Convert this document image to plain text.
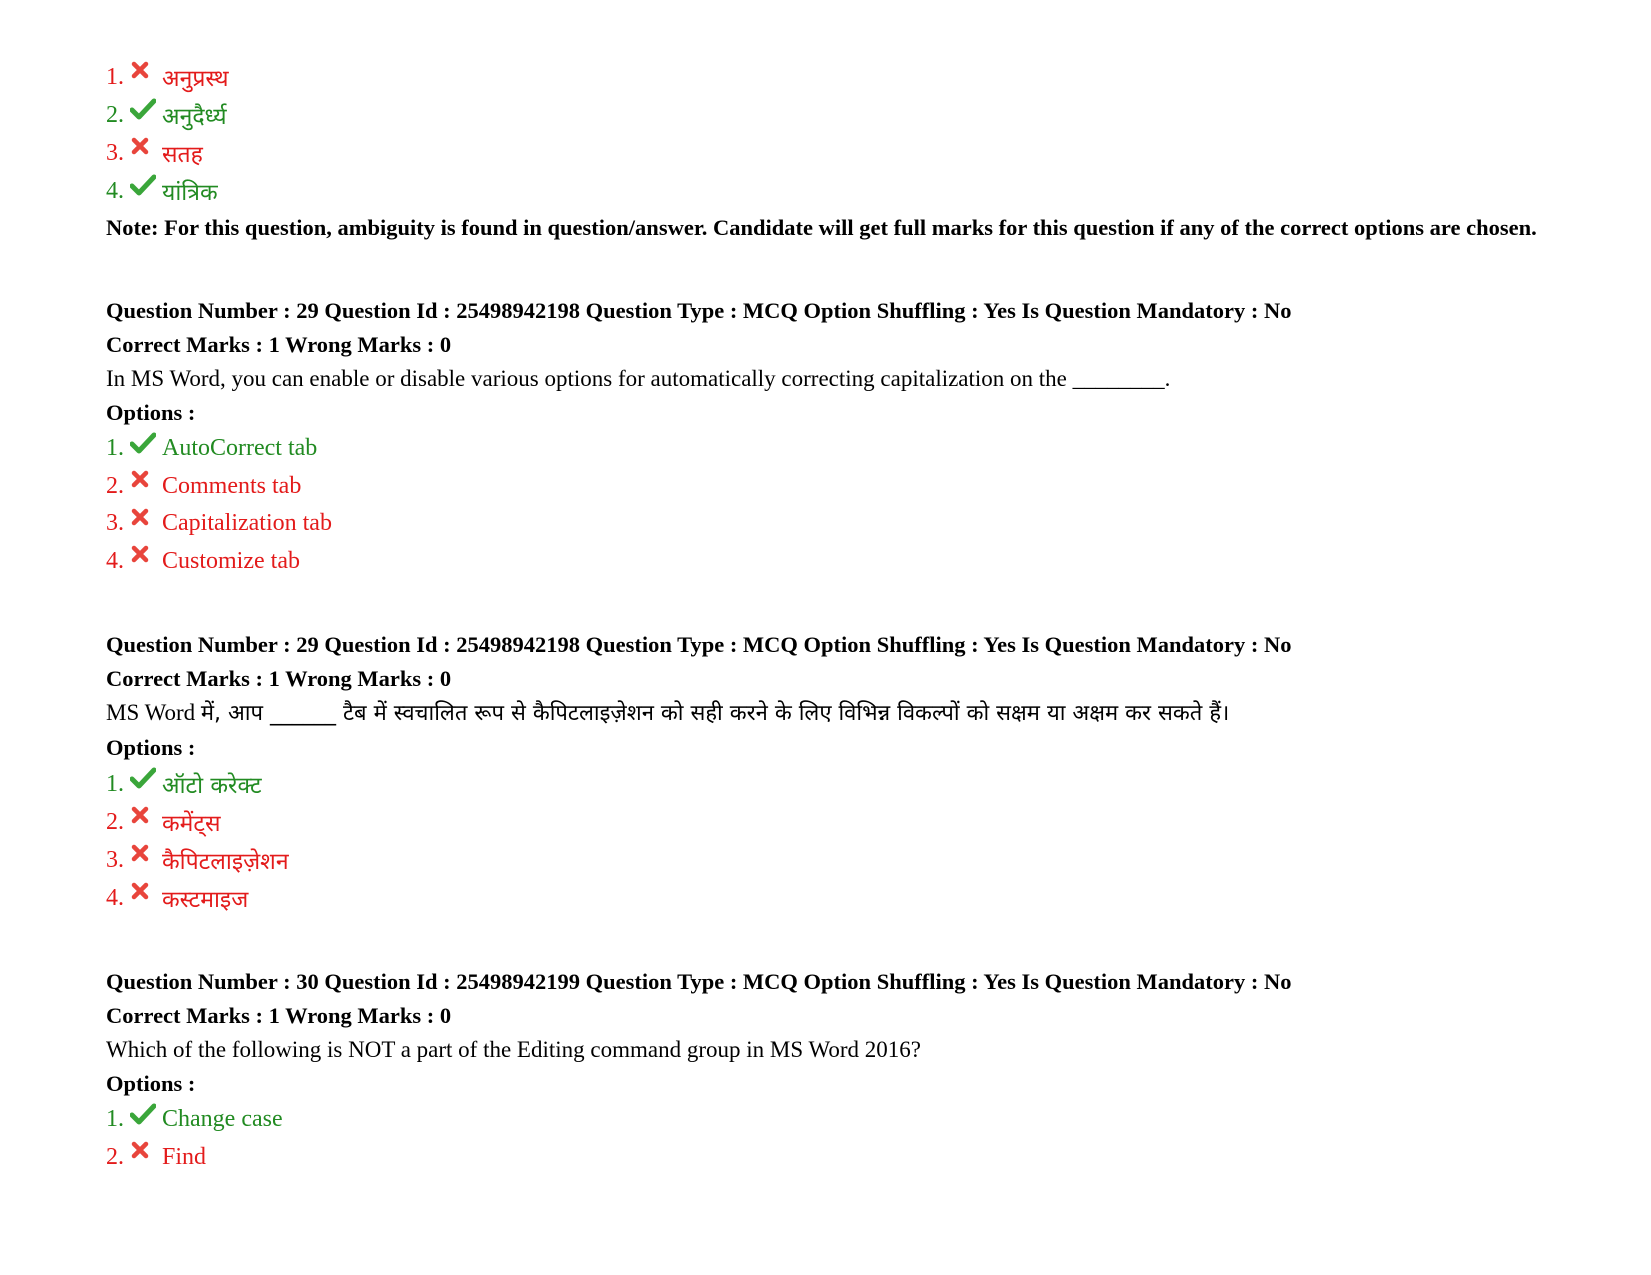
1. अनुप्रस्थ
2. अनुदैर्ध्य
3. सतह
4. यांत्रिक
Note: For this question, ambiguity is found in question/answer. Candidate will get full marks for this question if any of the correct options are chosen.
Question Number : 29 Question Id : 25498942198 Question Type : MCQ Option Shuffling : Yes Is Question Mandatory : No
Correct Marks : 1 Wrong Marks : 0
In MS Word, you can enable or disable various options for automatically correcting capitalization on the ________.
Options :
1. AutoCorrect tab
2. Comments tab
3. Capitalization tab
4. Customize tab
Question Number : 29 Question Id : 25498942198 Question Type : MCQ Option Shuffling : Yes Is Question Mandatory : No
Correct Marks : 1 Wrong Marks : 0
MS Word में, आप ______ टैब में स्वचालित रूप से कैपिटलाइज़ेशन को सही करने के लिए विभिन्न विकल्पों को सक्षम या अक्षम कर सकते हैं।
Options :
1. ऑटो करेक्ट
2. कमेंट्स
3. कैपिटलाइज़ेशन
4. कस्टमाइज
Question Number : 30 Question Id : 25498942199 Question Type : MCQ Option Shuffling : Yes Is Question Mandatory : No
Correct Marks : 1 Wrong Marks : 0
Which of the following is NOT a part of the Editing command group in MS Word 2016?
Options :
1. Change case
2. Find
